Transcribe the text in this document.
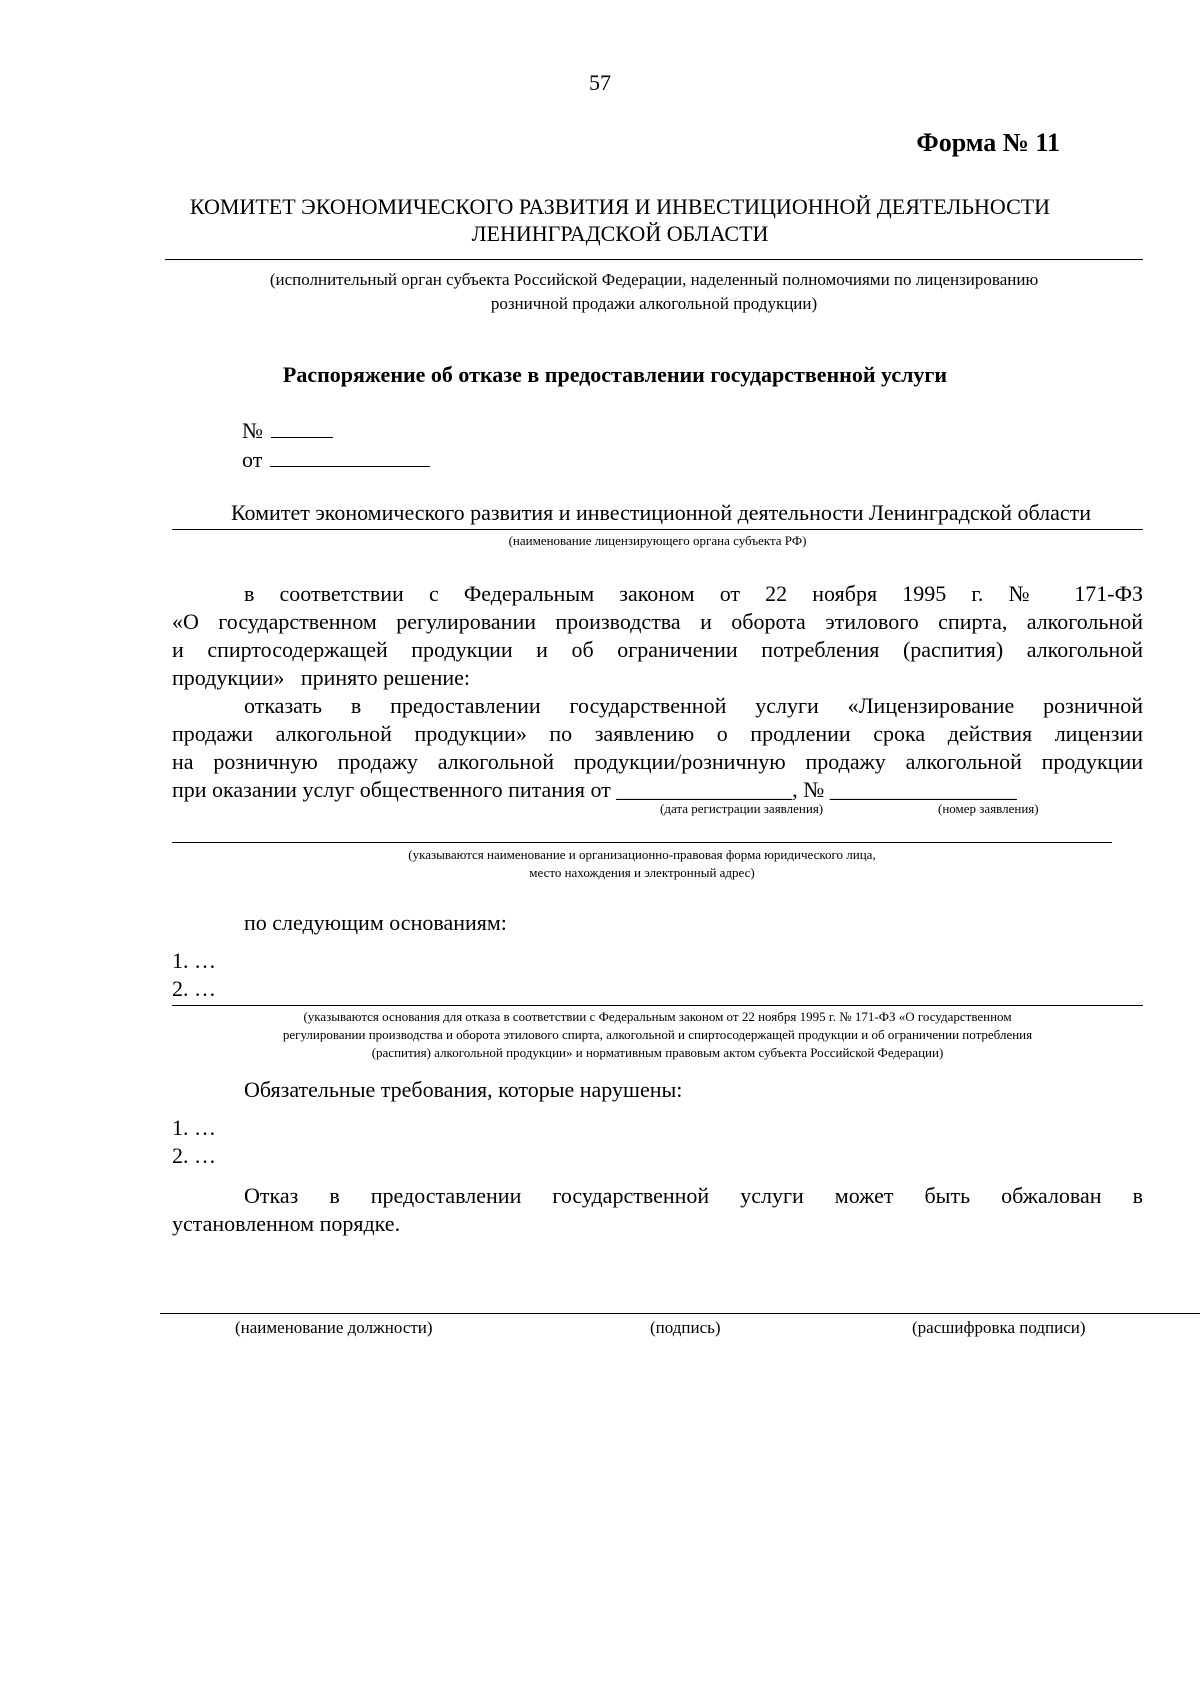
57
Форма № 11
КОМИТЕТ ЭКОНОМИЧЕСКОГО РАЗВИТИЯ И ИНВЕСТИЦИОННОЙ ДЕЯТЕЛЬНОСТИ
ЛЕНИНГРАДСКОЙ ОБЛАСТИ
(исполнительный орган субъекта Российской Федерации, наделенный полномочиями по лицензированию
розничной продажи алкогольной продукции)
Распоряжение об отказе в предоставлении государственной услуги
№
от
Комитет экономического развития и инвестиционной деятельности Ленинградской области
(наименование лицензирующего органа субъекта РФ)
в соответствии с Федеральным законом от 22 ноября 1995 г. № 171-ФЗ
«О государственном регулировании производства и оборота этилового спирта, алкогольной
и спиртосодержащей продукции и об ограничении потребления (распития) алкогольной
продукции»   принято решение:
отказать в предоставлении государственной услуги «Лицензирование розничной
продажи алкогольной продукции» по заявлению о продлении срока действия лицензии
на розничную продажу алкогольной продукции/розничную продажу алкогольной продукции
при оказании услуг общественного питания от ________________, № _________________
(дата регистрации заявления)	(номер заявления)
(указываются наименование и организационно-правовая форма юридического лица,
место нахождения и электронный адрес)
по следующим основаниям:
1. …
2. …
(указываются основания для отказа в соответствии с Федеральным законом от 22 ноября 1995 г. № 171-ФЗ «О государственном
регулировании производства и оборота этилового спирта, алкогольной и спиртосодержащей продукции и об ограничении потребления
(распития) алкогольной продукции» и нормативным правовым актом субъекта Российской Федерации)
Обязательные требования, которые нарушены:
1. …
2. …
Отказ в предоставлении государственной услуги может быть обжалован в
установленном порядке.
(наименование должности)	(подпись)	(расшифровка подписи)
